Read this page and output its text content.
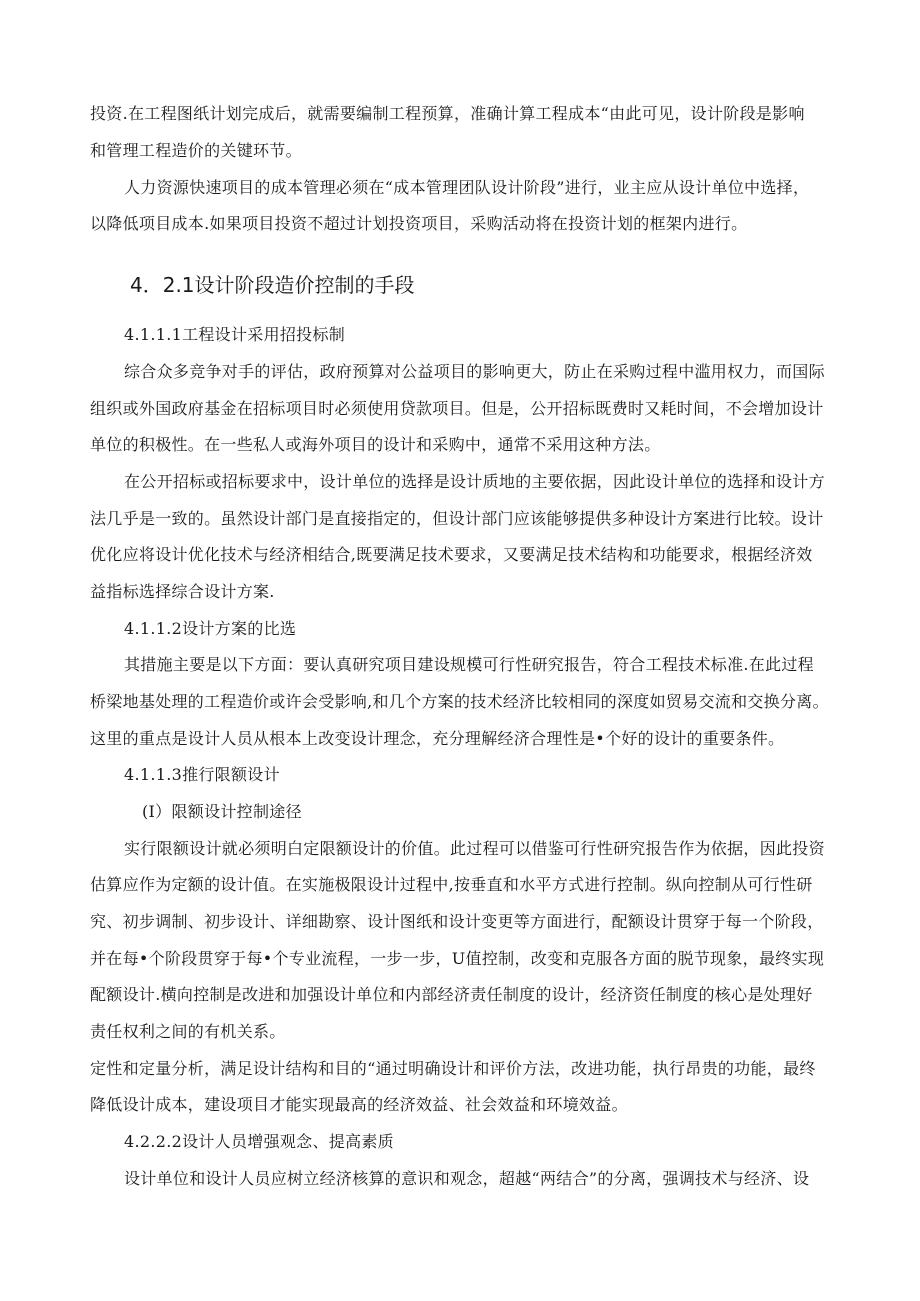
投资.在工程图纸计划完成后，就需要编制工程预算，准确计算工程成本“由此可见，设计阶段是影响
和管理工程造价的关键环节。
人力资源快速项目的成本管理必须在“成本管理团队设计阶段”进行，业主应从设计单位中选择，
以降低项目成本.如果项目投资不超过计划投资项目，采购活动将在投资计划的框架内进行。
4．2.1设计阶段造价控制的手段
4.1.1.1工程设计采用招投标制
综合众多竞争对手的评估，政府预算对公益项目的影响更大，防止在采购过程中滥用权力，而国际
组织或外国政府基金在招标项目时必须使用贷款项目。但是，公开招标既费时又耗时间，不会增加设计
单位的积极性。在一些私人或海外项目的设计和采购中，通常不采用这种方法。
在公开招标或招标要求中，设计单位的选择是设计质地的主要依据，因此设计单位的选择和设计方
法几乎是一致的。虽然设计部门是直接指定的，但设计部门应该能够提供多种设计方案进行比较。设计
优化应将设计优化技术与经济相结合,既要满足技术要求，又要满足技术结构和功能要求，根据经济效
益指标选择综合设计方案.
4.1.1.2设计方案的比选
其措施主要是以下方面：要认真研究项目建设规模可行性研究报告，符合工程技术标准.在此过程
桥梁地基处理的工程造价或许会受影响,和几个方案的技术经济比较相同的深度如贸易交流和交换分离。
这里的重点是设计人员从根本上改变设计理念，充分理解经济合理性是•个好的设计的重要条件。
4.1.1.3推行限额设计
(I）限额设计控制途径
实行限额设计就必须明白定限额设计的价值。此过程可以借鉴可行性研究报告作为依据，因此投资
估算应作为定额的设计值。在实施极限设计过程中,按垂直和水平方式进行控制。纵向控制从可行性研
究、初步调制、初步设计、详细勘察、设计图纸和设计变更等方面进行，配额设计贯穿于每一个阶段，
并在每•个阶段贯穿于每•个专业流程，一步一步，U值控制，改变和克服各方面的脱节现象，最终实现
配额设计.横向控制是改进和加强设计单位和内部经济责任制度的设计，经济资任制度的核心是处理好
责任权利之间的有机关系。
定性和定量分析，满足设计结构和目的“通过明确设计和评价方法，改进功能，执行昂贵的功能，最终
降低设计成本，建设项目才能实现最高的经济效益、社会效益和环境效益。
4.2.2.2设计人员增强观念、提高素质
设计单位和设计人员应树立经济核算的意识和观念，超越“两结合”的分离，强调技术与经济、设
